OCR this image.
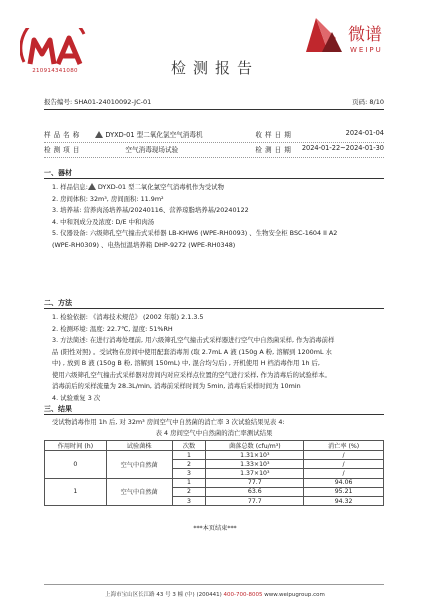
210914341080
微谱
WEIPU
检测报告
报告编号: SHA01-24010092-JC-01	页码: 8/10
样品名称	DYXD-01 型二氧化氯空气消毒机	收样日期	2024-01-04
检测项目	空气消毒现场试验	检测日期 2024-01-22~2024-01-30
一、器材

1. 样品信息: DYXD-01 型二氧化氯空气消毒机作为受试物

2. 房间体积: 32m³, 房间面积: 11.9m²

3. 培养基: 营养肉汤培养基/20240116、营养琼脂培养基/20240122

4. 中和剂成分及浓度: D/E 中和肉汤

5. 仪器设备: 六级筛孔空气撞击式采样器 LB-KHW6 (WPE-RH0093) 、生物安全柜 BSC-1604 II A2

(WPE-RH0309) 、电热恒温培养箱 DHP-9272 (WPE-RH0348)

二、方法

1. 检验依据: 《消毒技术规范》 (2002 年版) 2.1.3.5

2. 检测环境: 温度: 22.7℃, 湿度: 51%RH

3. 方法简述: 在进行消毒处理前, 用六级筛孔空气撞击式采样器进行空气中自然菌采样, 作为消毒前样

品 (阳性对照) 。受试物在房间中使用配套消毒剂 (取 2.7mL A 液 (150g A 粉, 溶解到 1200mL 水

中) , 放到 B 液 (150g B 粉, 溶解到 150mL) 中, 混合均匀后) , 开机使用 H 档消毒作用 1h 后,

使用六级筛孔空气撞击式采样器对房间内对应采样点位置的空气进行采样, 作为消毒后的试验样本。

消毒前后的采样流量为 28.3L/min, 消毒前采样时间为 5min, 消毒后采样时间为 10min

4. 试验重复 3 次

三、结果
受试物消毒作用 1h 后, 对 32m³ 房间空气中自然菌的消亡率 3 次试验结果见表 4:
表 4 房间空气中自然菌的消亡率测试结果
作用时间 (h)	试验菌株	次数	菌落总数 (cfu/m³)	消亡率 (%)
0	空气中自然菌	1	1.31×10³	/
		2	1.33×10³	/
		3	1.37×10³	/
1	空气中自然菌	1	77.7	94.06
		2	63.6	95.21
		3	77.7	94.32
***本页结束***
上海市宝山区长江路 43 号 3 幢 (中) (200441) 400-700-8005 www.weipugroup.com
